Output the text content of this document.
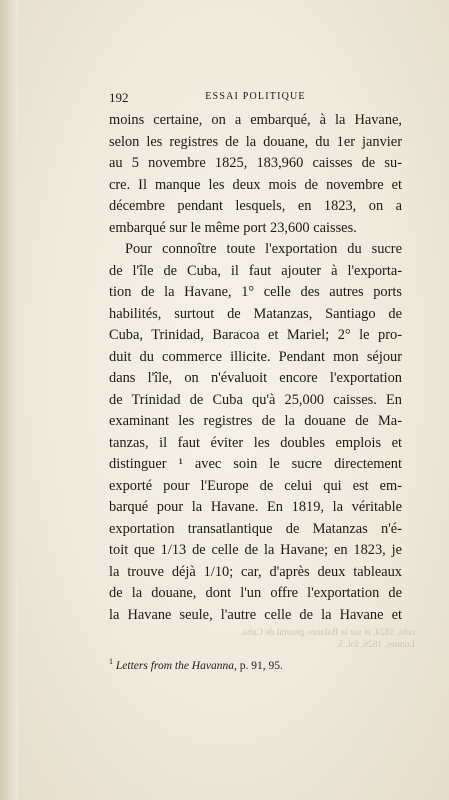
192	ESSAI POLITIQUE
moins certaine, on a embarqué, à la Havane,
selon les registres de la douane, du 1er janvier
au 5 novembre 1825, 183,960 caisses de su-
cre. Il manque les deux mois de novembre et
décembre pendant lesquels, en 1823, on a
embarqué sur le même port 23,600 caisses.
Pour connoître toute l'exportation du sucre
de l'île de Cuba, il faut ajouter à l'exporta-
tion de la Havane, 1° celle des autres ports
habilités, surtout de Matanzas, Santiago de
Cuba, Trinidad, Baracoa et Mariel; 2° le pro-
duit du commerce illicite. Pendant mon séjour
dans l'île, on n'évaluoit encore l'exportation
de Trinidad de Cuba qu'à 25,000 caisses. En
examinant les registres de la douane de Ma-
tanzas, il faut éviter les doubles emplois et
distinguer ¹ avec soin le sucre directement
exporté pour l'Europe de celui qui est em-
barqué pour la Havane. En 1819, la véritable
exportation transatlantique de Matanzas n'é-
toit que 1/13 de celle de la Havane; en 1823, je
la trouve déjà 1/10; car, d'après deux tableaux
de la douane, dont l'un offre l'exportation de
la Havane seule, l'autre celle de la Havane et
celo, 1824, et sur le Balanzo general de Cuba.
Lonnes, 1826, fol. 5.
$^1$ Letters from the Havanna, p. 91, 95.
